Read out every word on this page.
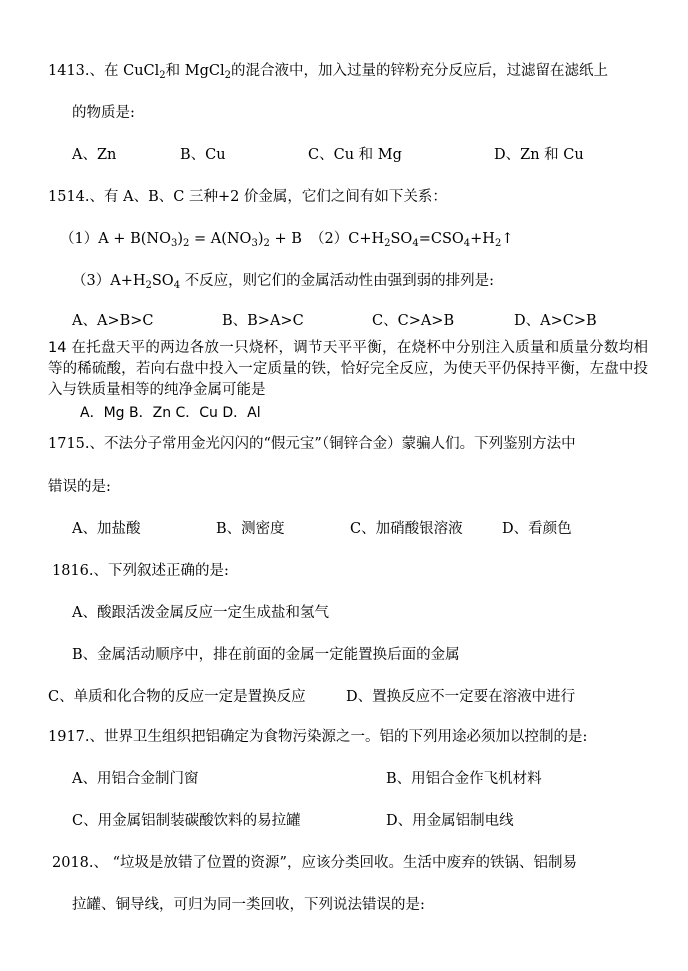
1413.、在 CuCl$_2$和 MgCl$_2$的混合液中，加入过量的锌粉充分反应后，过滤留在滤纸上
的物质是:
A、Zn	B、Cu	C、Cu 和 Mg	D、Zn 和 Cu
1514.、有 A、B、C 三种+2 价金属，它们之间有如下关系：
$(1)A + B(NO_3)_2 = A(NO_3)_2 + B$ $(2)C+H_2SO_4=CSO_4+H_2↑$
$(3)A+H_2SO_4$ 不反应，则它们的金属活动性由强到弱的排列是:
A、A>B>C	B、B>A>C	C、C>A>B	D、A>C>B
14 在托盘天平的两边各放一只烧杯，调节天平平衡，在烧杯中分别注入质量和质量分数均相等的稀硫酸，若向右盘中投入一定质量的铁，恰好完全反应，为使天平仍保持平衡，左盘中投入与铁质量相等的纯净金属可能是
A．Mg B．Zn C．Cu D．Al
1715.、不法分子常用金光闪闪的“假元宝”（铜锌合金）蒙骗人们。下列鉴别方法中
错误的是:
A、加盐酸	B、测密度	C、加硝酸银溶液	D、看颜色
1816.、下列叙述正确的是:
A、酸跟活泼金属反应一定生成盐和氢气
B、金属活动顺序中，排在前面的金属一定能置换后面的金属
C、单质和化合物的反应一定是置换反应	D、置换反应不一定要在溶液中进行
1917.、世界卫生组织把铝确定为食物污染源之一。铝的下列用途必须加以控制的是:
A、用铝合金制门窗	B、用铝合金作飞机材料
C、用金属铝制装碳酸饮料的易拉罐	D、用金属铝制电线
2018.、 “垃圾是放错了位置的资源”，应该分类回收。生活中废弃的铁锅、铝制易
拉罐、铜导线，可归为同一类回收，下列说法错误的是:
